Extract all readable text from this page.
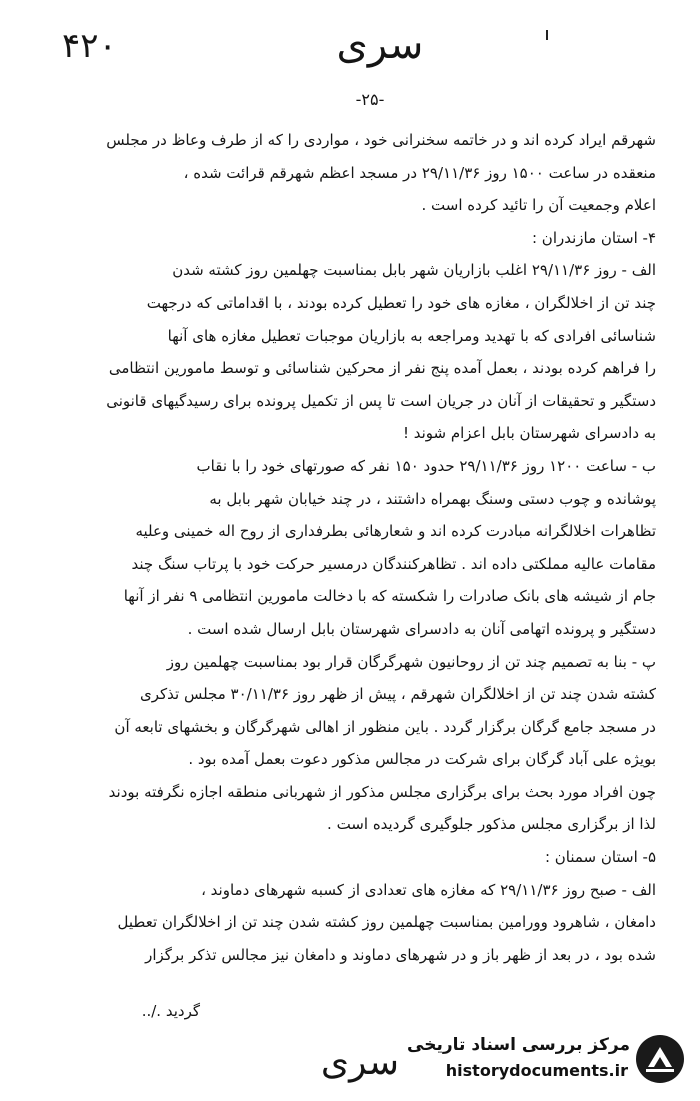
۴۲۰	سری
-۲۵-
شهرقم ایراد کرده اند و در خاتمه سخنرانی خود ، مواردی را که از طرف وعاظ در مجلس
منعقده در ساعت ۱۵۰۰ روز ۲۹/۱۱/۳۶ در مسجد اعظم شهرقم قرائت شده ،
اعلام وجمعیت آن را تائید کرده است .
۴- استان مازندران :
الف - روز ۲۹/۱۱/۳۶ اغلب بازاریان شهر بابل بمناسبت چهلمین روز کشته شدن
چند تن از اخلالگران ، مغازه های خود را تعطیل کرده بودند ، با اقداماتی که درجهت
شناسائی افرادی که با تهدید ومراجعه به بازاریان موجبات تعطیل مغازه های آنها
را فراهم کرده بودند ، بعمل آمده پنج نفر از محرکین شناسائی و توسط مامورین انتظامی
دستگیر و تحقیقات از آنان در جریان است تا پس از تکمیل پرونده برای رسیدگیهای قانونی
به دادسرای شهرستان بابل اعزام شوند !
ب - ساعت ۱۲۰۰ روز ۲۹/۱۱/۳۶ حدود ۱۵۰ نفر که صورتهای خود را با نقاب
پوشانده و چوب دستی وسنگ بهمراه داشتند ، در چند خیابان شهر بابل به
تظاهرات اخلالگرانه مبادرت کرده اند و شعارهائی بطرفداری از روح اله خمینی وعلیه
مقامات عالیه مملکتی داده اند . تظاهرکنندگان درمسیر حرکت خود با پرتاب سنگ چند
جام از شیشه های بانک صادرات را شکسته که با دخالت مامورین انتظامی ۹ نفر از آنها
دستگیر و پرونده اتهامی آنان به دادسرای شهرستان بابل ارسال شده است .
پ - بنا به تصمیم چند تن از روحانیون شهرگرگان قرار بود بمناسبت چهلمین روز
کشته شدن چند تن از اخلالگران شهرقم ، پیش از ظهر روز ۳۰/۱۱/۳۶ مجلس تذکری
در مسجد جامع گرگان برگزار گردد . باین منظور از اهالی شهرگرگان و بخشهای تابعه آن
بویژه علی آباد گرگان برای شرکت در مجالس مذکور دعوت بعمل آمده بود .
چون افراد مورد بحث برای برگزاری مجلس مذکور از شهربانی منطقه اجازه نگرفته بودند
لذا از برگزاری مجلس مذکور جلوگیری گردیده است .
۵- استان سمنان :
الف - صبح روز ۲۹/۱۱/۳۶ که مغازه های تعدادی از کسبه شهرهای دماوند ،
دامغان ، شاهرود وورامین بمناسبت چهلمین روز کشته شدن چند تن از اخلالگران تعطیل
شده بود ، در بعد از ظهر باز و در شهرهای دماوند و دامغان نیز مجالس تذکر برگزار
گردید ./..
سری مرکز بررسی اسناد تاریخی
historydocuments.ir
